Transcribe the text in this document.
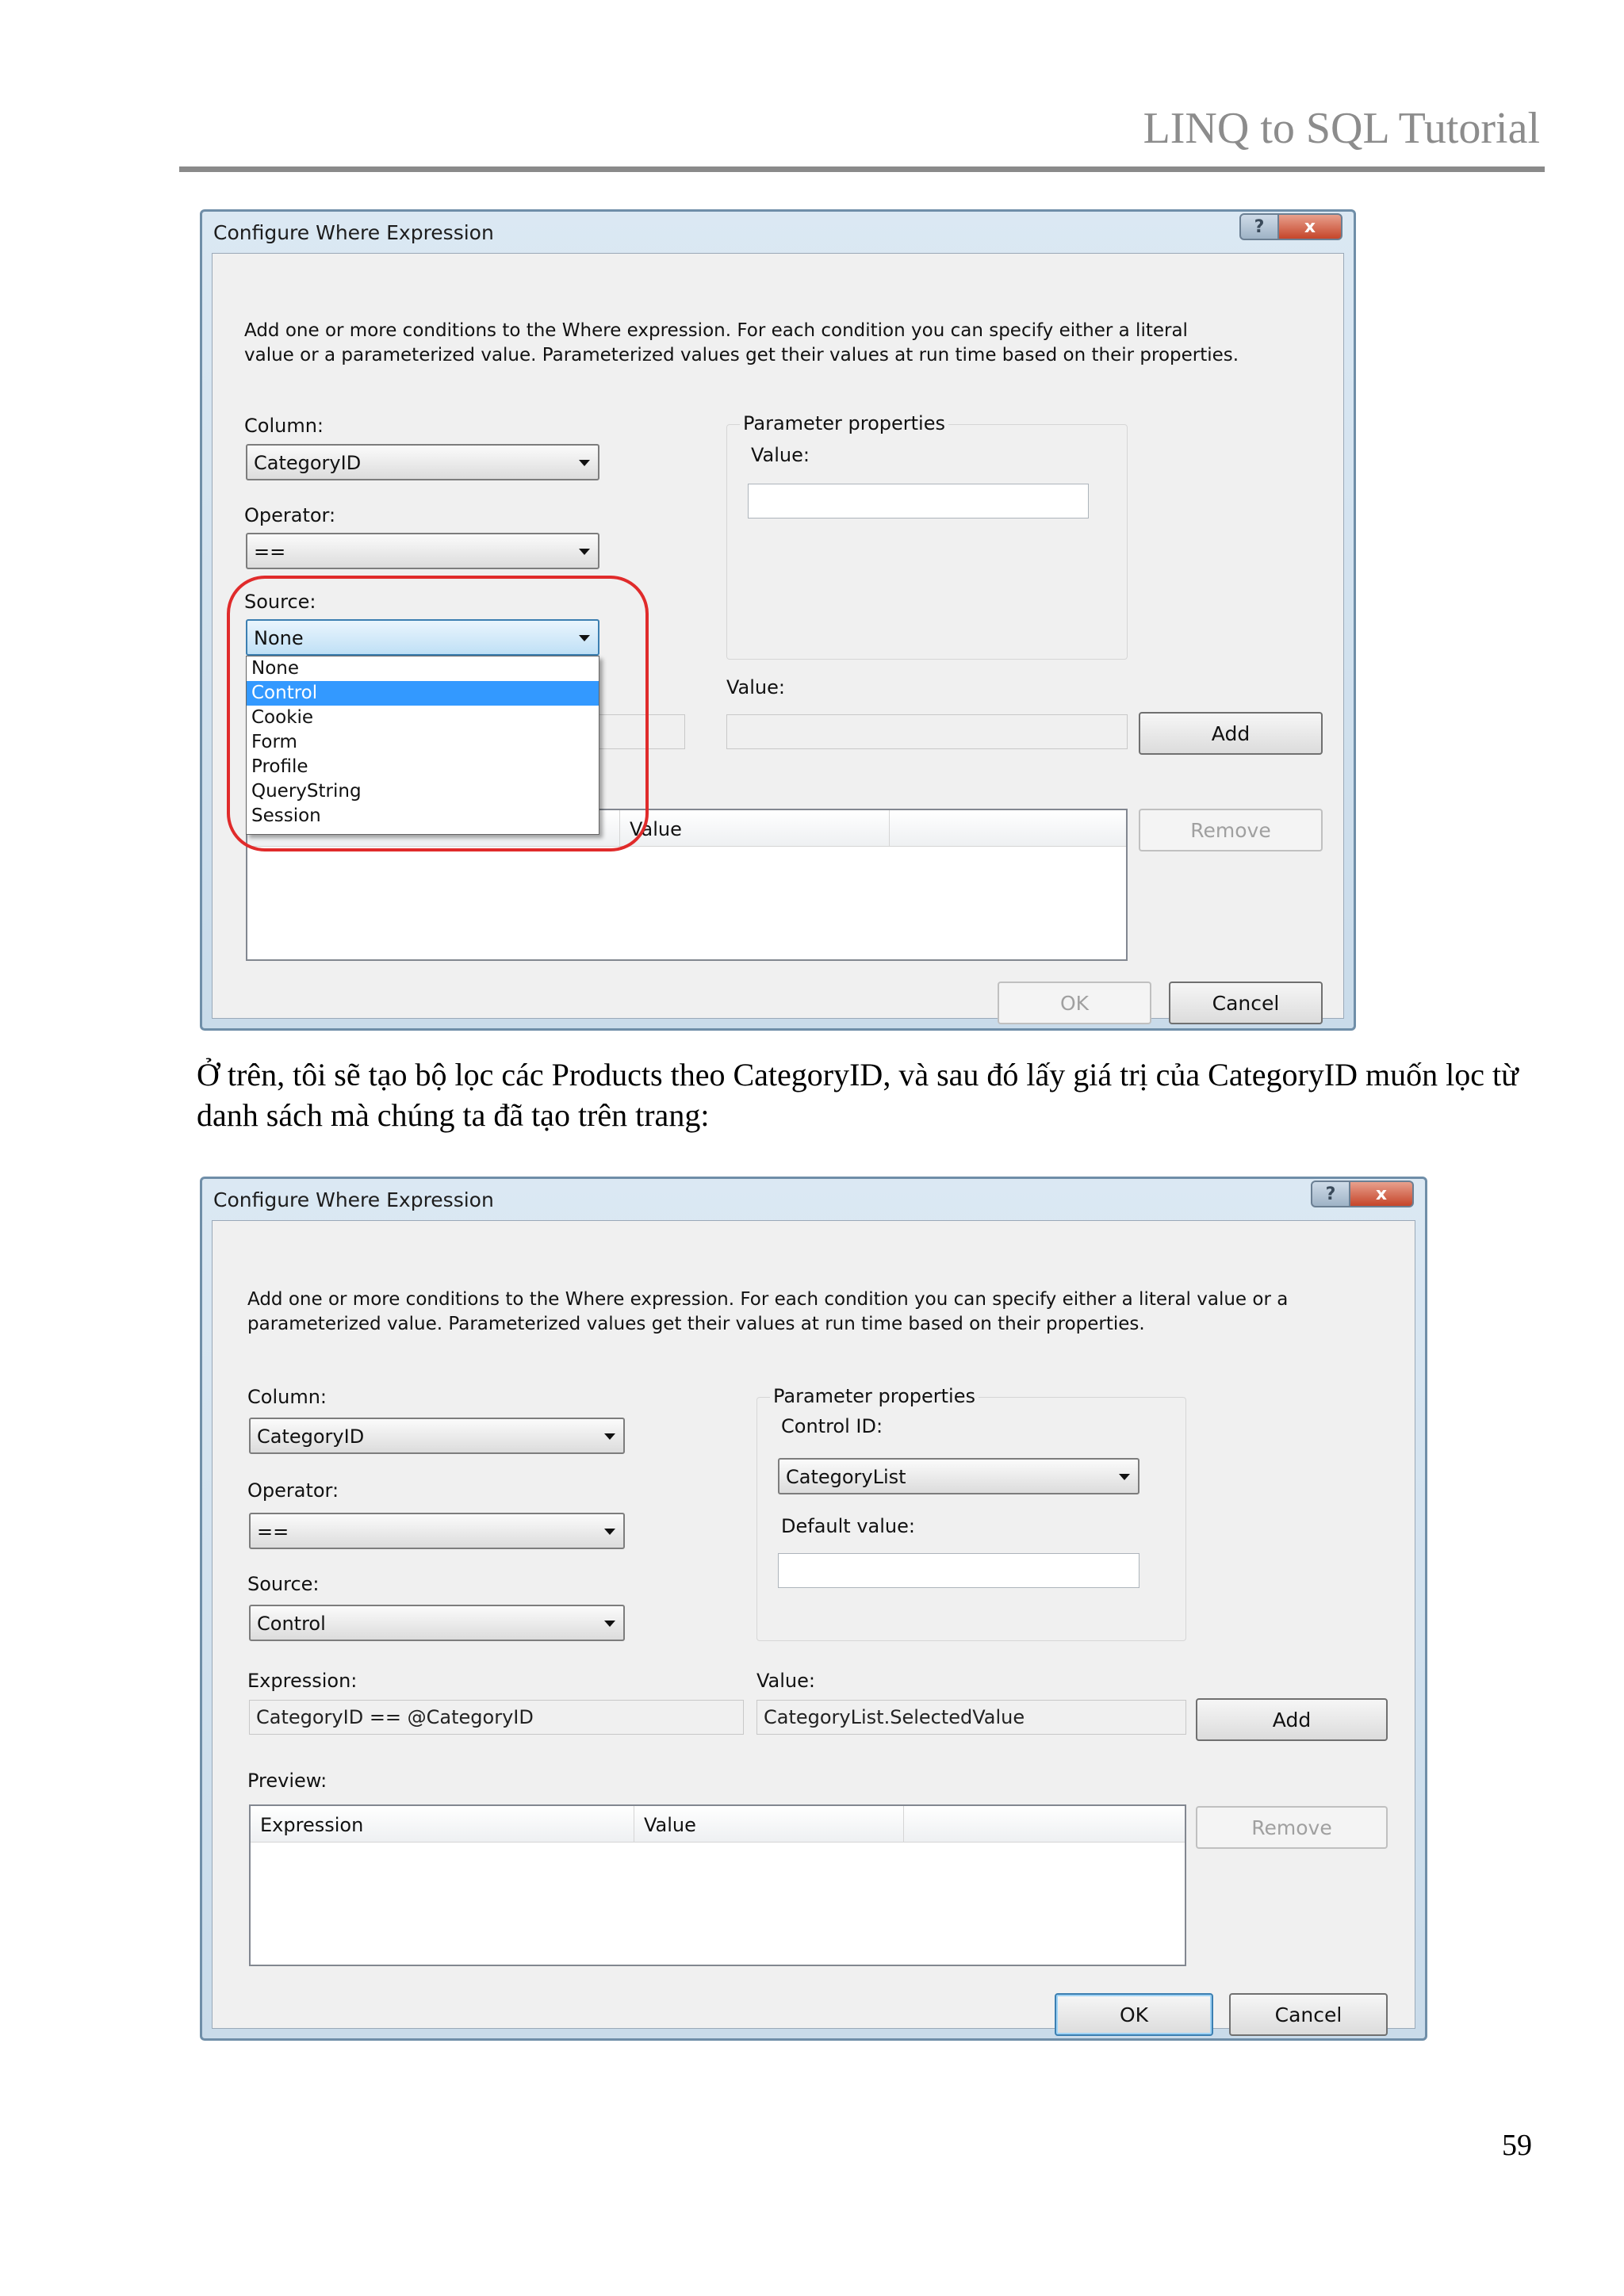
LINQ to SQL Tutorial
Configure Where Expression	? x

Add one or more conditions to the Where expression. For each condition you can specify either a literal value or a parameterized value. Parameterized values get their values at run time based on their properties.

Column:
CategoryID
Operator:
==
Source:
None
Parameter properties
Value:
Value:
Add
Value	Remove
OK	Cancel
None
Control
Cookie
Form
Profile
QueryString
Session

Ở trên, tôi sẽ tạo bộ lọc các Products theo CategoryID, và sau đó lấy giá trị của CategoryID muốn lọc từ danh sách mà chúng ta đã tạo trên trang:

Configure Where Expression	? x

Add one or more conditions to the Where expression. For each condition you can specify either a literal value or a parameterized value. Parameterized values get their values at run time based on their properties.

Column:
CategoryID
Operator:
==
Source:
Control
Parameter properties
Control ID:
CategoryList
Default value:
Expression:
CategoryID == @CategoryID
Value:
CategoryList.SelectedValue	Add
Preview:
Expression	Value	Remove
OK	Cancel
59
